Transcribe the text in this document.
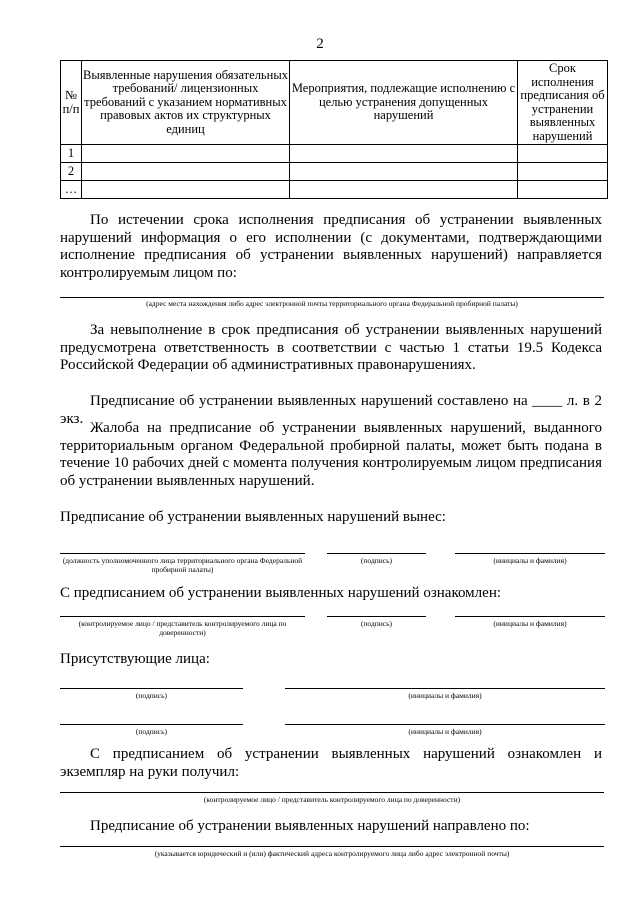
2
№ п/п	Выявленные нарушения обязательных требований/ лицензионных требований с указанием нормативных правовых актов их структурных единиц	Мероприятия, подлежащие исполнению с целью устранения допущенных нарушений	Срок исполнения предписания об устранении выявленных нарушений
1			
2			
…			

По истечении срока исполнения предписания об устранении выявленных нарушений информация о его исполнении (с документами, подтверждающими исполнение предписания об устранении выявленных нарушений) направляется контролируемым лицом по:

(адрес места нахождения либо адрес электронной почты территориального органа Федеральной пробирной палаты)

За невыполнение в срок предписания об устранении выявленных нарушений предусмотрена ответственность в соответствии с частью 1 статьи 19.5 Кодекса Российской Федерации об административных правонарушениях.

Предписание об устранении выявленных нарушений составлено на ____ л. в 2 экз.

Жалоба на предписание об устранении выявленных нарушений, выданного территориальным органом Федеральной пробирной палаты, может быть подана в течение 10 рабочих дней с момента получения контролируемым лицом предписания об устранении выявленных нарушений.

Предписание об устранении выявленных нарушений вынес:
(должность уполномоченного лица территориального органа Федеральной пробирной палаты)
(подпись)	(инициалы и фамилия)
С предписанием об устранении выявленных нарушений ознакомлен:
(контролируемое лицо / представитель контролируемого лица по доверенности)
(подпись)	(инициалы и фамилия)
Присутствующие лица:
(подпись)	(инициалы и фамилия)
(подпись)	(инициалы и фамилия)

С предписанием об устранении выявленных нарушений ознакомлен и экземпляр на руки получил:

(контролируемое лицо / представитель контролируемого лица по доверенности)

Предписание об устранении выявленных нарушений направлено по:

(указывается юридический и (или) фактический адреса контролируемого лица либо адрес электронной почты)
